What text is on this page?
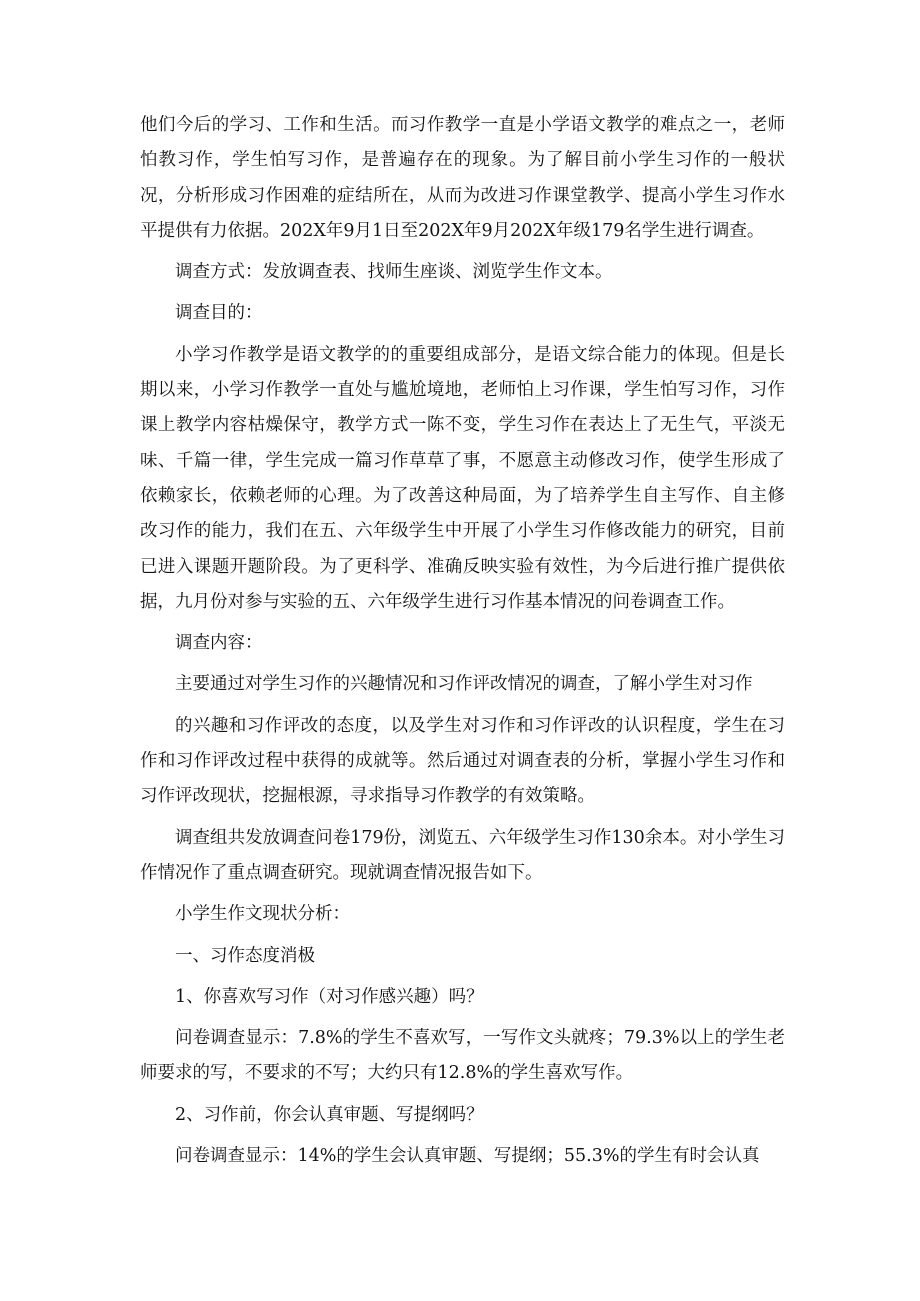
他们今后的学习、工作和生活。而习作教学一直是小学语文教学的难点之一，老师怕教习作，学生怕写习作，是普遍存在的现象。为了解目前小学生习作的一般状况，分析形成习作困难的症结所在，从而为改进习作课堂教学、提高小学生习作水平提供有力依据。202X年9月1日至202X年9月202X年级179名学生进行调查。

调查方式：发放调查表、找师生座谈、浏览学生作文本。

调查目的：

小学习作教学是语文教学的的重要组成部分，是语文综合能力的体现。但是长期以来，小学习作教学一直处与尴尬境地，老师怕上习作课，学生怕写习作，习作课上教学内容枯燥保守，教学方式一陈不变，学生习作在表达上了无生气，平淡无味、千篇一律，学生完成一篇习作草草了事，不愿意主动修改习作，使学生形成了依赖家长，依赖老师的心理。为了改善这种局面，为了培养学生自主写作、自主修改习作的能力，我们在五、六年级学生中开展了小学生习作修改能力的研究，目前已进入课题开题阶段。为了更科学、准确反映实验有效性，为今后进行推广提供依据，九月份对参与实验的五、六年级学生进行习作基本情况的问卷调查工作。

调查内容：

主要通过对学生习作的兴趣情况和习作评改情况的调查，了解小学生对习作

的兴趣和习作评改的态度，以及学生对习作和习作评改的认识程度，学生在习作和习作评改过程中获得的成就等。然后通过对调查表的分析，掌握小学生习作和习作评改现状，挖掘根源，寻求指导习作教学的有效策略。

调查组共发放调查问卷179份，浏览五、六年级学生习作130余本。对小学生习作情况作了重点调查研究。现就调查情况报告如下。

小学生作文现状分析：

一、习作态度消极

1、你喜欢写习作（对习作感兴趣）吗？

问卷调查显示：7.8%的学生不喜欢写，一写作文头就疼；79.3%以上的学生老师要求的写，不要求的不写；大约只有12.8%的学生喜欢写作。

2、习作前，你会认真审题、写提纲吗？

问卷调查显示：14%的学生会认真审题、写提纲；55.3%的学生有时会认真
